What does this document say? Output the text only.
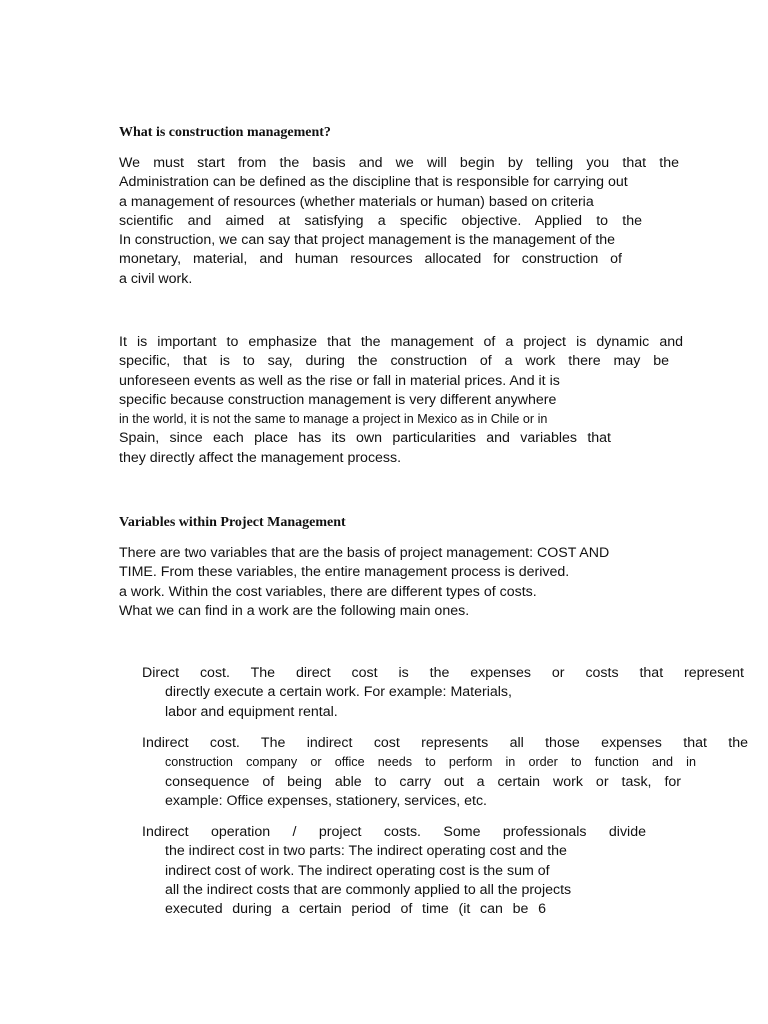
What is construction management?
We must start from the basis and we will begin by telling you that the
Administration can be defined as the discipline that is responsible for carrying out
a management of resources (whether materials or human) based on criteria
scientific and aimed at satisfying a specific objective. Applied to the
In construction, we can say that project management is the management of the
monetary, material, and human resources allocated for construction of
a civil work.
It is important to emphasize that the management of a project is dynamic and
specific, that is to say, during the construction of a work there may be
unforeseen events as well as the rise or fall in material prices. And it is
specific because construction management is very different anywhere
in the world, it is not the same to manage a project in Mexico as in Chile or in
Spain, since each place has its own particularities and variables that
they directly affect the management process.
Variables within Project Management
There are two variables that are the basis of project management: COST AND
TIME. From these variables, the entire management process is derived.
a work. Within the cost variables, there are different types of costs.
What we can find in a work are the following main ones.
Direct cost. The direct cost is the expenses or costs that represent
directly execute a certain work. For example: Materials,
labor and equipment rental.
Indirect cost. The indirect cost represents all those expenses that the
construction company or office needs to perform in order to function and in
consequence of being able to carry out a certain work or task, for
example: Office expenses, stationery, services, etc.
Indirect operation / project costs. Some professionals divide
the indirect cost in two parts: The indirect operating cost and the
indirect cost of work. The indirect operating cost is the sum of
all the indirect costs that are commonly applied to all the projects
executed during a certain period of time (it can be 6
